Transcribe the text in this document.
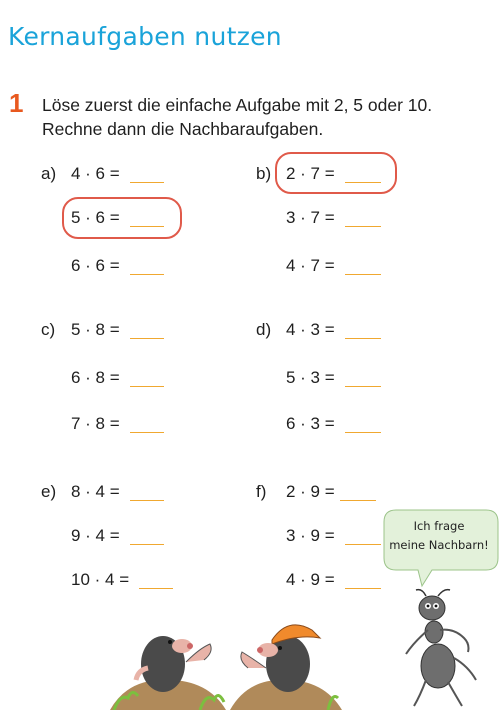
Kernaufgaben nutzen
1 Löse zuerst die einfache Aufgabe mit 2, 5 oder 10.
Rechne dann die Nachbaraufgaben.
a) 4 · 6 =
5 · 6 =
6 · 6 =
b) 2 · 7 =
3 · 7 =
4 · 7 =
c) 5 · 8 =
6 · 8 =
7 · 8 =
d) 4 · 3 =
5 · 3 =
6 · 3 =
e) 8 · 4 =
9 · 4 =
10 · 4 =
f) 2 · 9 =
3 · 9 =
4 · 9 =
Ich frage
meine Nachbarn!
